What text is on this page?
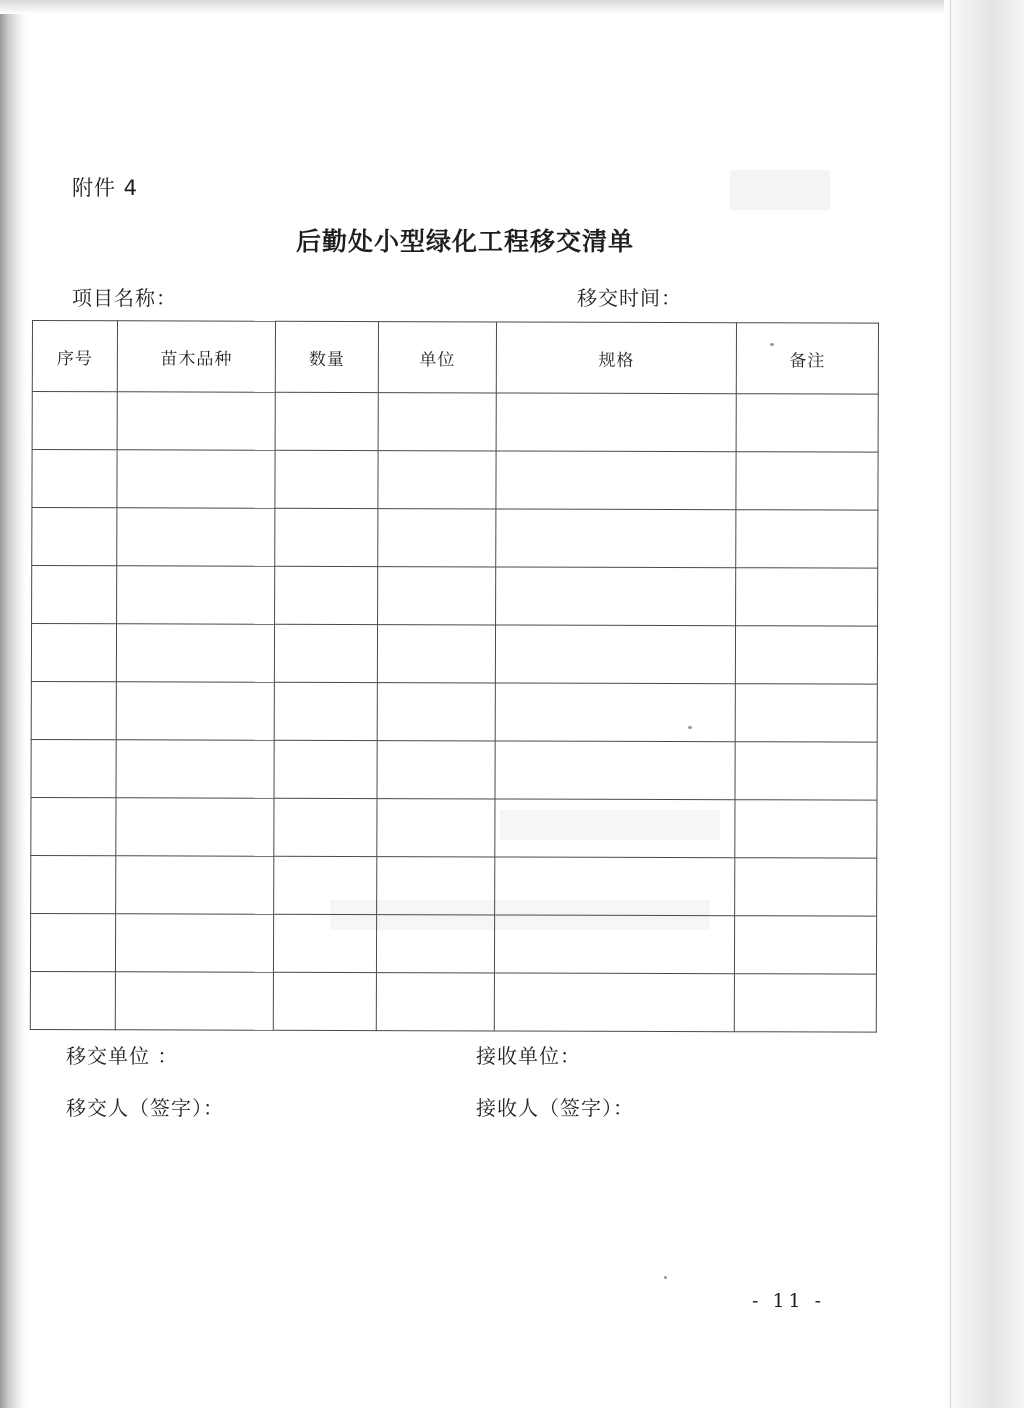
附件 4
后勤处小型绿化工程移交清单
项目名称：	移交时间：
序号	苗木品种	数量	单位	规格	备注

移交单位 ：	接收单位：
移交人（签字）：	接收人（签字）：
- 11 -
